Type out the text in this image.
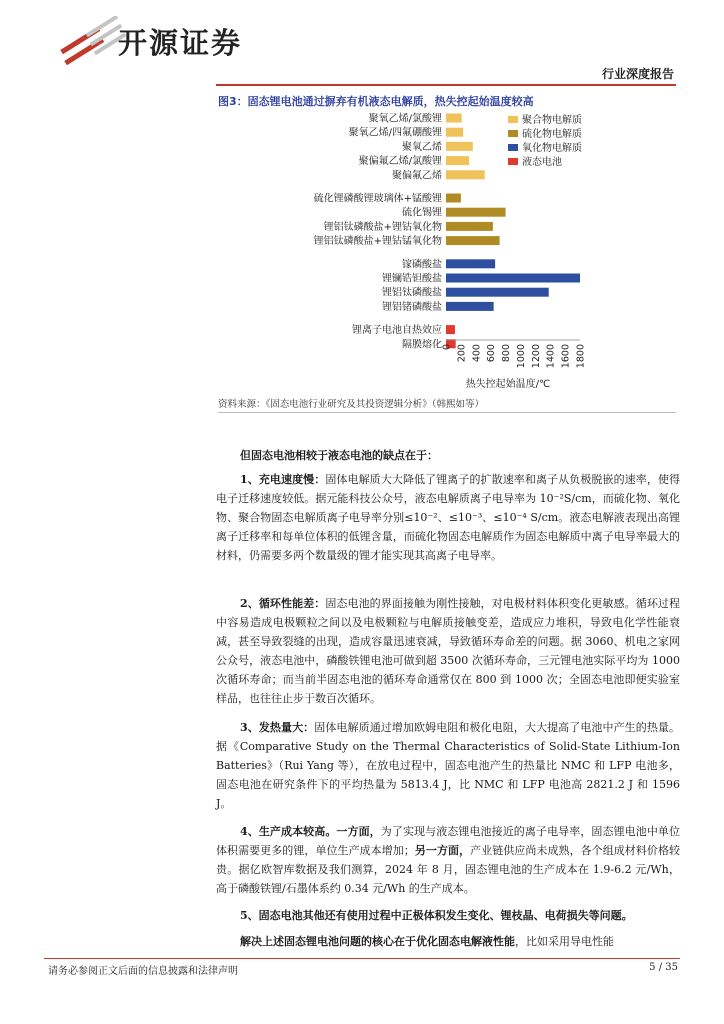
开源证券
行业深度报告
图3：固态锂电池通过摒弃有机液态电解质，热失控起始温度较高
聚氧乙烯/氯酸锂
聚氧乙烯/四氟硼酸锂
聚氧乙烯
聚偏氟乙烯/氯酸锂
聚偏氟乙烯
硫化锂磷酸锂玻璃体+锰酸锂
硫化锡锂
锂铝钛磷酸盐+锂钴氧化物
锂铝钛磷酸盐+锂钴锰氧化物
镓磷酸盐
锂镧锆钽酸盐
锂铝钛磷酸盐
锂铝锗磷酸盐
锂离子电池自热效应
隔膜熔化 0 200 400 600 800 1000 1200 1400 1600 1800
聚合物电解质
硫化物电解质
氧化物电解质
液态电池
热失控起始温度/℃
资料来源：《固态电池行业研究及其投资逻辑分析》（韩熙如等）
但固态电池相较于液态电池的缺点在于：
1、充电速度慢：固体电解质大大降低了锂离子的扩散速率和离子从负极脱嵌的速率，使得电子迁移速度较低。据元能科技公众号，液态电解质离子电导率为 10⁻²S/cm，而硫化物、氧化物、聚合物固态电解质离子电导率分别≤10⁻²、≤10⁻³、≤10⁻⁴ S/cm。液态电解液表现出高锂离子迁移率和每单位体积的低锂含量，而硫化物固态电解质作为固态电解质中离子电导率最大的材料，仍需要多两个数量级的锂才能实现其高离子电导率。
2、循环性能差：固态电池的界面接触为刚性接触，对电极材料体积变化更敏感。循环过程中容易造成电极颗粒之间以及电极颗粒与电解质接触变差，造成应力堆积，导致电化学性能衰减，甚至导致裂缝的出现，造成容量迅速衰减，导致循环寿命差的问题。据 3060、机电之家网公众号，液态电池中，磷酸铁锂电池可做到超 3500 次循环寿命，三元锂电池实际平均为 1000 次循环寿命；而当前半固态电池的循环寿命通常仅在 800 到 1000 次；全固态电池即便实验室样品，也往往止步于数百次循环。
3、发热量大：固体电解质通过增加欧姆电阻和极化电阻，大大提高了电池中产生的热量。据《Comparative Study on the Thermal Characteristics of Solid-State Lithium-Ion Batteries》（Rui Yang 等），在放电过程中，固态电池产生的热量比 NMC 和 LFP 电池多，固态电池在研究条件下的平均热量为 5813.4 J，比 NMC 和 LFP 电池高 2821.2 J 和 1596 J。
4、生产成本较高。一方面，为了实现与液态锂电池接近的离子电导率，固态锂电池中单位体积需要更多的锂，单位生产成本增加；另一方面，产业链供应尚未成熟，各个组成材料价格较贵。据亿欧智库数据及我们测算，2024 年 8 月，固态锂电池的生产成本在 1.9-6.2 元/Wh，高于磷酸铁锂/石墨体系约 0.34 元/Wh 的生产成本。
5、固态电池其他还有使用过程中正极体积发生变化、锂枝晶、电荷损失等问题。
解决上述固态锂电池问题的核心在于优化固态电解液性能，比如采用导电性能
请务必参阅正文后面的信息披露和法律声明	5 / 35
